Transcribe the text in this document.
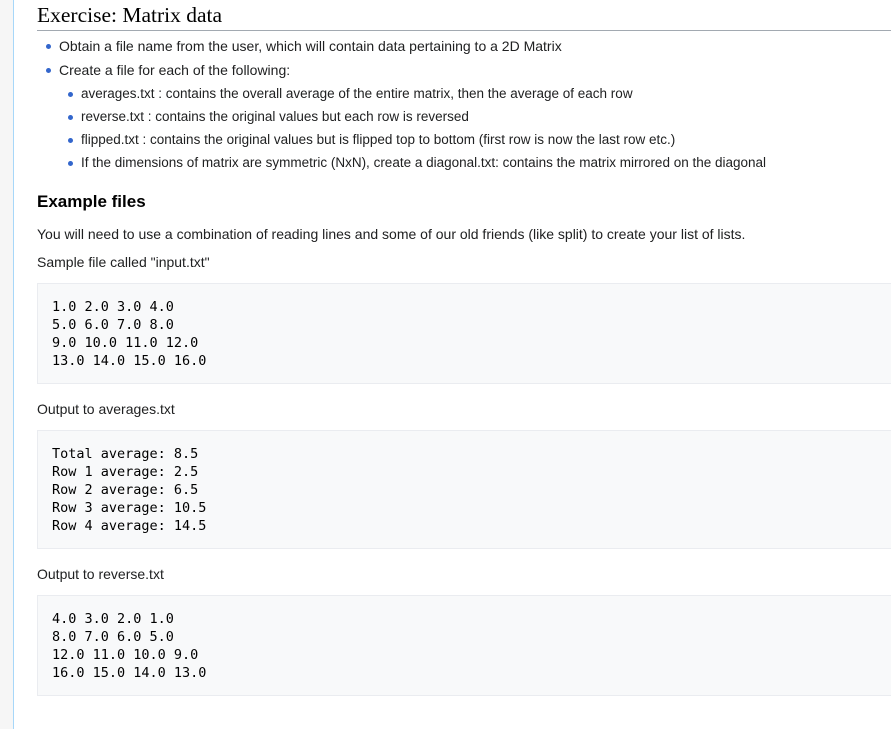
Exercise: Matrix data
Obtain a file name from the user, which will contain data pertaining to a 2D Matrix
Create a file for each of the following:
averages.txt : contains the overall average of the entire matrix, then the average of each row
reverse.txt : contains the original values but each row is reversed
flipped.txt : contains the original values but is flipped top to bottom (first row is now the last row etc.)
If the dimensions of matrix are symmetric (NxN), create a diagonal.txt: contains the matrix mirrored on the diagonal
Example files

You will need to use a combination of reading lines and some of our old friends (like split) to create your list of lists.

Sample file called "input.txt"

1.0 2.0 3.0 4.0
5.0 6.0 7.0 8.0
9.0 10.0 11.0 12.0
13.0 14.0 15.0 16.0

Output to averages.txt

Total average: 8.5
Row 1 average: 2.5
Row 2 average: 6.5
Row 3 average: 10.5
Row 4 average: 14.5

Output to reverse.txt

4.0 3.0 2.0 1.0
8.0 7.0 6.0 5.0
12.0 11.0 10.0 9.0
16.0 15.0 14.0 13.0
